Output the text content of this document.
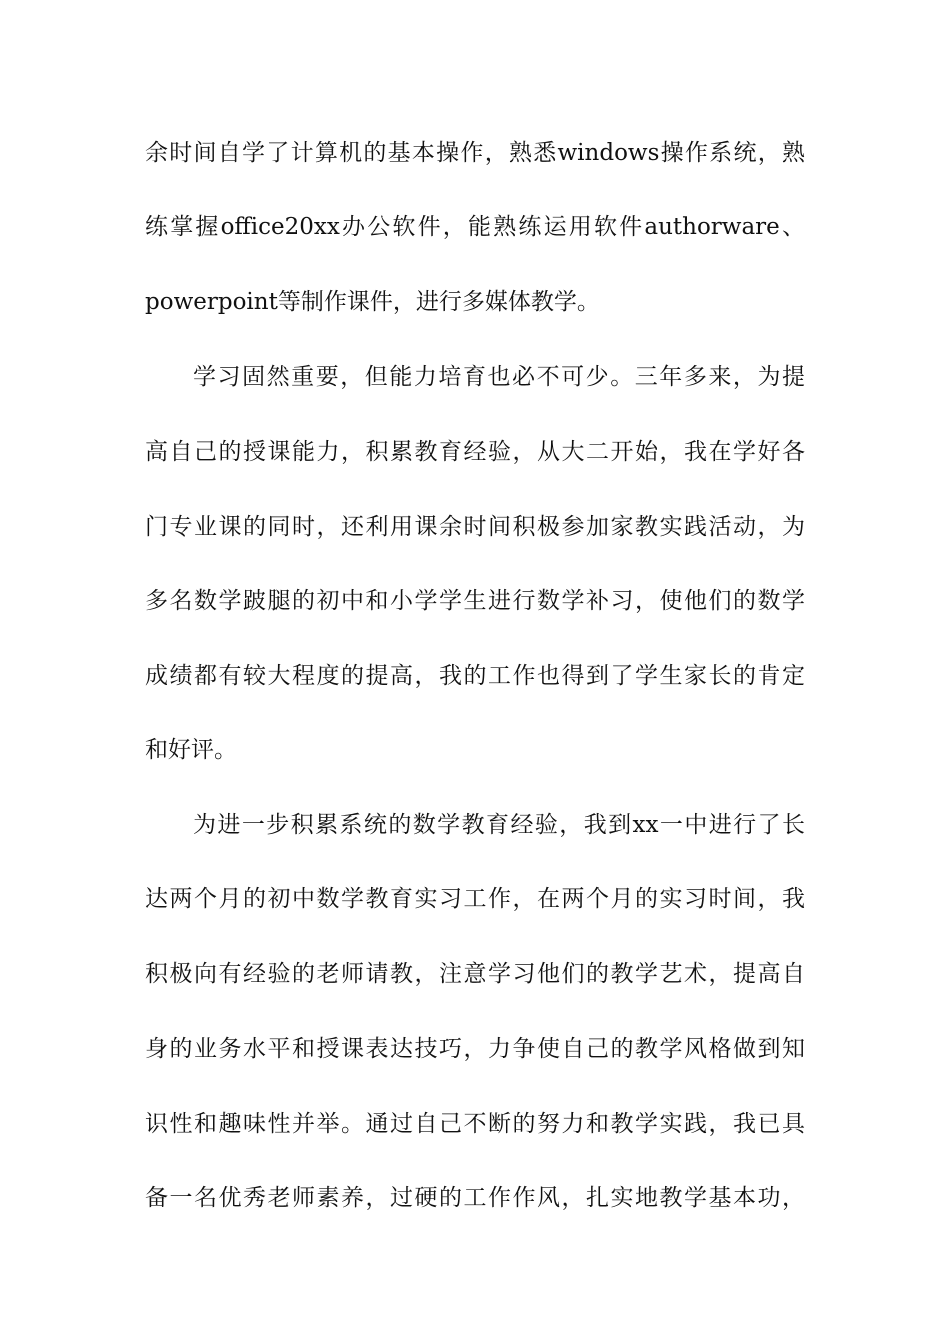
余时间自学了计算机的基本操作，熟悉windows操作系统，熟
练掌握office20xx办公软件，能熟练运用软件authorware、
powerpoint等制作课件，进行多媒体教学。
学习固然重要，但能力培育也必不可少。三年多来，为提
高自己的授课能力，积累教育经验，从大二开始，我在学好各
门专业课的同时，还利用课余时间积极参加家教实践活动，为
多名数学跛腿的初中和小学学生进行数学补习，使他们的数学
成绩都有较大程度的提高，我的工作也得到了学生家长的肯定
和好评。
为进一步积累系统的数学教育经验，我到xx一中进行了长
达两个月的初中数学教育实习工作，在两个月的实习时间，我
积极向有经验的老师请教，注意学习他们的教学艺术，提高自
身的业务水平和授课表达技巧，力争使自己的教学风格做到知
识性和趣味性并举。通过自己不断的努力和教学实践，我已具
备一名优秀老师素养，过硬的工作作风，扎实地教学基本功，
